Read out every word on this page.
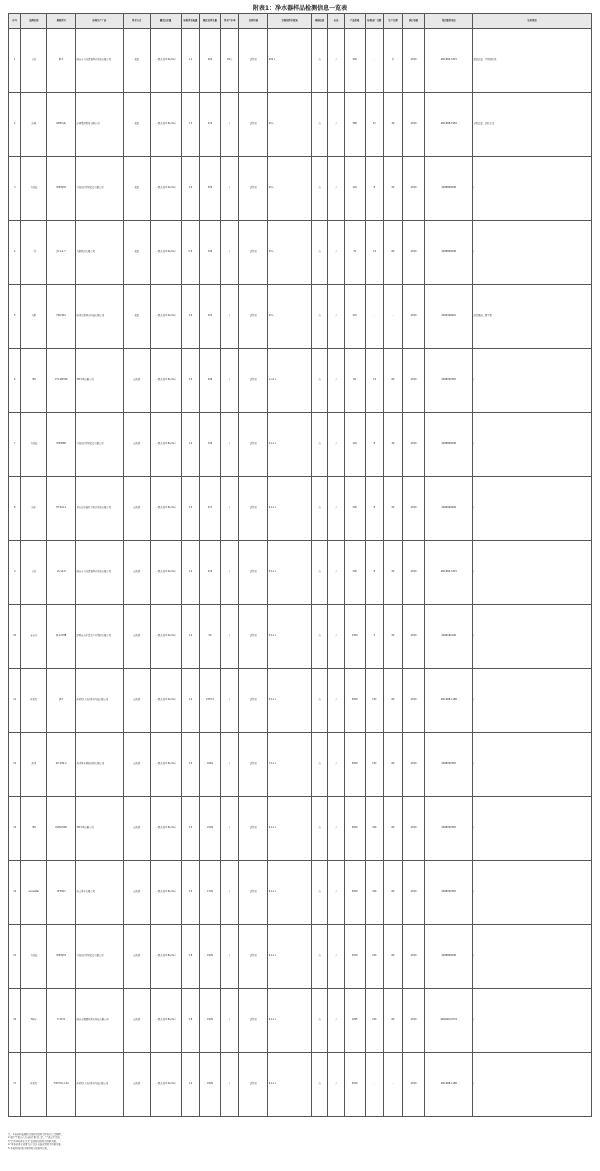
附表1：净水器样品检测信息一览表
序号	品牌名称	规格型号	标称生产厂家	净水方式	额定出水量	标称净水流量	额定总净水量	净水产水率	宣称功能	宣称的净水效果	检验结果	认证	产品价格	标称出厂日期	生产日期	执行标准	售后服务电话	宣传用语
1	美的	JD-1	佛山市美的清湖净水设备有限公司	超滤	一级水效/1.0L/min	1.1	204	29元	活性炭	400 L	有	/	400	-	否	2019	400-889-3315	超滤过滤，不锈钢外壳
2	沁园	WP50(4)	沁园集团股份有限公司	超滤	一级水效/1.5L/min	1.3	270	/	活性炭	45 L	有	/	380	12	30	2019	400-888-1958	五级过滤，去除余氯
3	飞利浦	WP3930	飞利浦(中国)投资有限公司	超滤	一级水效/1.2L/min	1.0	229	/	活性炭	45 L	有	/	120	8	20	2019	4008800008	/
4	三洋	JS-1-2-7	九阳股份有限公司	超滤	一级水效/1.0L/min	0.9	345	/	活性炭	35 L	有	/	70	7.2	80	2019	4008800008	/
5	九阳	FPA-801	杭州九阳净水科技有限公司	超滤	一级水效/1.2L/min	1.0	324	/	活性炭	20 L	有	/	210	-	-	2019	4006300601	去除细菌、微生物
6	3M	CTL-M2500	3M中国有限公司	反渗透	一级水效/1.5L/min	1.5	499	/	活性炭	C-11 L	有	/	60	7.2	80	2019	4008200365	/
7	飞利浦	WP3880	飞利浦(中国)投资有限公司	反渗透	一级水效/1.8L/min	1.2	334	/	活性炭	2-11 L	有	/	120	8	30	2019	4008800008	/
8	海尔	HT-101-1	青岛海尔施特劳斯水设备有限公司	反渗透	一级水效/1.5L/min	1.5	217	/	活性炭	6-11 L	有	/	200	8	20	2019	4006999999	/
9	美的	LS-12-8	佛山市美的清湖净水设备有限公司	反渗透	一级水效/1.2L/min	1.2	219	/	活性炭	5-11 L	有	/	200	8	20	2019	400-889-3315	/
10	安吉尔	JS-1278B	深圳安吉尔饮水产业集团有限公司	反渗透	一级水效/1.2L/min	1.2	59	/	活性炭	5-11 L	有	/	1300	5	20	2019	4006180106	/
11	佳尼特	JK-7	佳尼特(上海)净水科技有限公司	反渗透	一级水效/1.2L/min	1.2	1535.2	/	活性炭	5-11 L	有	/	3000	152	80	2019	400-688-1188	/
12	浩泽	SH-180-C	浩泽净水国际控股有限公司	反渗透	一级水效/1.5L/min	1.5	1669	/	活性炭	7-11 L	有	/	3000	152	80	2019	4008200365	/
13	3M	DWS2500	3M中国有限公司	反渗透	一级水效/1.5L/min	1.5	2199	/	活性炭	6-11 L	有	/	4000	344	80	2019	4008200365	/
14	ecowater	UF5003	怡口净水有限公司	反渗透	一级水效/1.5L/min	1.5	1799	/	活性炭	6-11 L	有	/	3000	344	80	2019	4008200365	/
15	飞利浦	WP3933	飞利浦(中国)投资有限公司	反渗透	一级水效/1.8L/min	1.8	1999	/	活性炭	6-11 L	有	/	2250	224	80	2019	4008800008	/
16	Fairy	P-1131	佛山市顺德区净水科技有限公司	反渗透	一级水效/1.8L/min	1.8	1999	/	活性炭	6-11 L	有	/	1265	224	80	2019	4000000-0701	/
17	佳尼特	T/N FCK-1-3A	佳尼特(上海)净水科技有限公司	反渗透	一级水效/1.2L/min	1.2	1899	/	活性炭	6-11 L	有	/	5220	-	-	2019	400-688-1188	/
注：1.标称值依据样品铭牌或说明书所标注信息整理。
2.表中"/"表示产品未标注相关信息，"-"表示不适用。
3."是否声称净水方式"以铭牌或说明书所载为准。
4."宣称的净水效果"以产品外包装或说明书所载为准。
5.本表所列价格为抽样时实际购买价格。
